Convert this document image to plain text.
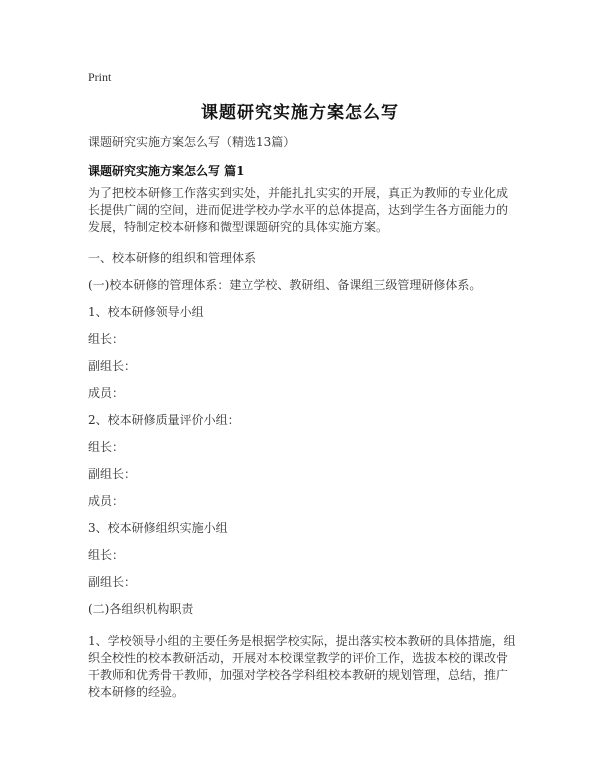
Print
课题研究实施方案怎么写
课题研究实施方案怎么写（精选13篇）
课题研究实施方案怎么写 篇1

为了把校本研修工作落实到实处，并能扎扎实实的开展，真正为教师的专业化成长提供广阔的空间，进而促进学校办学水平的总体提高，达到学生各方面能力的发展，特制定校本研修和微型课题研究的具体实施方案。

一、校本研修的组织和管理体系

(一)校本研修的管理体系：建立学校、教研组、备课组三级管理研修体系。

1、校本研修领导小组

组长：

副组长：

成员：

2、校本研修质量评价小组：

组长：

副组长：

成员：

3、校本研修组织实施小组

组长：

副组长：

(二)各组织机构职责

1、学校领导小组的主要任务是根据学校实际，提出落实校本教研的具体措施，组织全校性的校本教研活动，开展对本校课堂教学的评价工作，选拔本校的课改骨干教师和优秀骨干教师，加强对学校各学科组校本教研的规划管理，总结，推广校本研修的经验。
